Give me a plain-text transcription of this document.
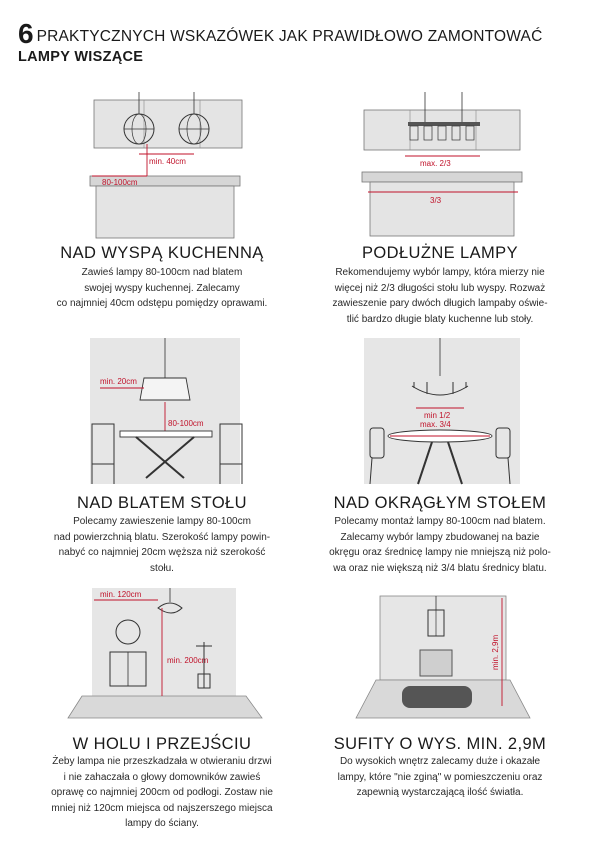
6 PRAKTYCZNYCH WSKAZÓWEK JAK PRAWIDŁOWO ZAMONTOWAĆ
LAMPY WISZĄCE
min. 40cm
80-100cm
NAD WYSPĄ KUCHENNĄ
Zawieś lampy 80-100cm nad blatem
swojej wyspy kuchennej. Zalecamy
co najmniej 40cm odstępu pomiędzy oprawami.
max. 2/3
3/3
PODŁUŻNE LAMPY
Rekomendujemy wybór lampy, która mierzy nie
więcej niż 2/3 długości stołu lub wyspy. Rozważ
zawieszenie pary dwóch długich lampaby oświe-
tlić bardzo długie blaty kuchenne lub stoły.
min. 20cm
80-100cm
NAD BLATEM STOŁU
Polecamy zawieszenie lampy 80-100cm
nad powierzchnią blatu. Szerokość lampy powin-
nabyć co najmniej 20cm węższa niż szerokość
stołu.
min 1/2
max. 3/4
NAD OKRĄGŁYM STOŁEM
Polecamy montaż lampy 80-100cm nad blatem.
Zalecamy wybór lampy zbudowanej na bazie
okręgu oraz średnicę lampy nie mniejszą niż polo-
wa oraz nie większą niż 3/4 blatu średnicy blatu.
min. 120cm
min. 200cm
W HOLU I PRZEJŚCIU
Żeby lampa nie przeszkadzała w otwieraniu drzwi
i nie zahaczała o głowy domowników zawieś
oprawę co najmniej 200cm od podłogi. Zostaw nie
mniej niż 120cm miejsca od najszerszego miejsca
lampy do ściany.
min. 2,9m
SUFITY O WYS. MIN. 2,9M
Do wysokich wnętrz zalecamy duże i okazałe
lampy, które "nie zginą" w pomieszczeniu oraz
zapewnią wystarczającą ilość światła.
